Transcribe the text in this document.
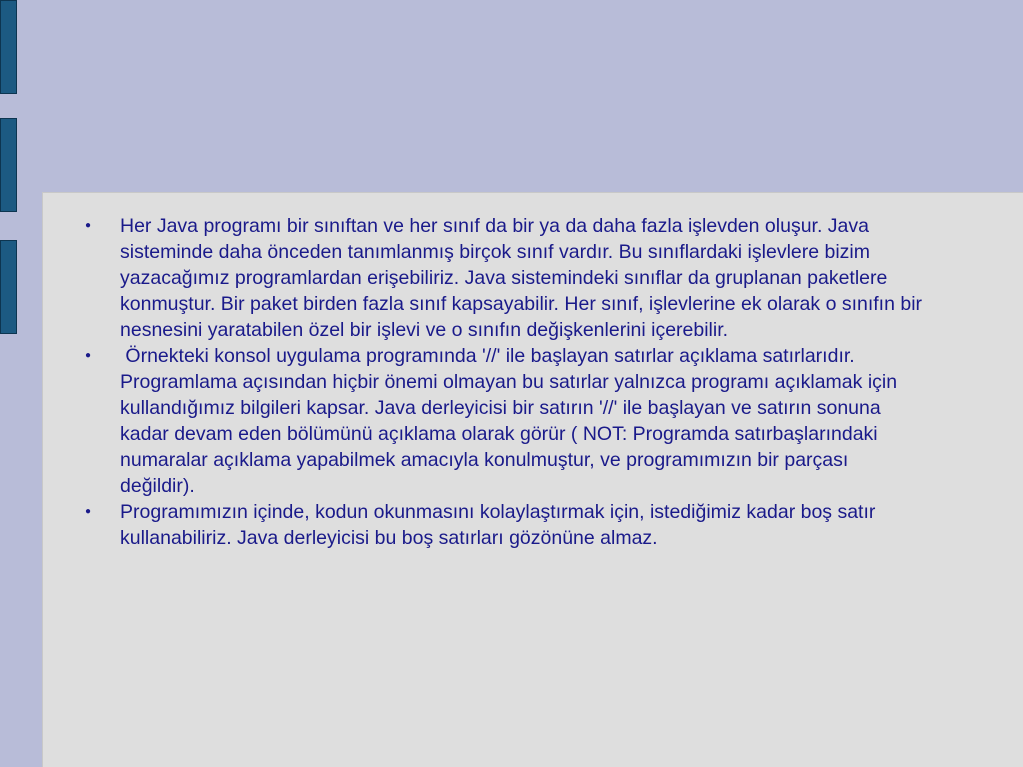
● Her Java programı bir sınıftan ve her sınıf da bir ya da daha fazla işlevden oluşur. Java sisteminde daha önceden tanımlanmış birçok sınıf vardır. Bu sınıflardaki işlevlere bizim yazacağımız programlardan erişebiliriz. Java sistemindeki sınıflar da gruplanan paketlere konmuştur. Bir paket birden fazla sınıf kapsayabilir. Her sınıf, işlevlerine ek olarak o sınıfın bir nesnesini yaratabilen özel bir işlevi ve o sınıfın değişkenlerini içerebilir.
● Örnekteki konsol uygulama programında '//' ile başlayan satırlar açıklama satırlarıdır. Programlama açısından hiçbir önemi olmayan bu satırlar yalnızca programı açıklamak için kullandığımız bilgileri kapsar. Java derleyicisi bir satırın '//' ile başlayan ve satırın sonuna kadar devam eden bölümünü açıklama olarak görür ( NOT: Programda satırbaşlarındaki numaralar açıklama yapabilmek amacıyla konulmuştur, ve programımızın bir parçası değildir).
● Programımızın içinde, kodun okunmasını kolaylaştırmak için, istediğimiz kadar boş satır kullanabiliriz. Java derleyicisi bu boş satırları gözönüne almaz.
